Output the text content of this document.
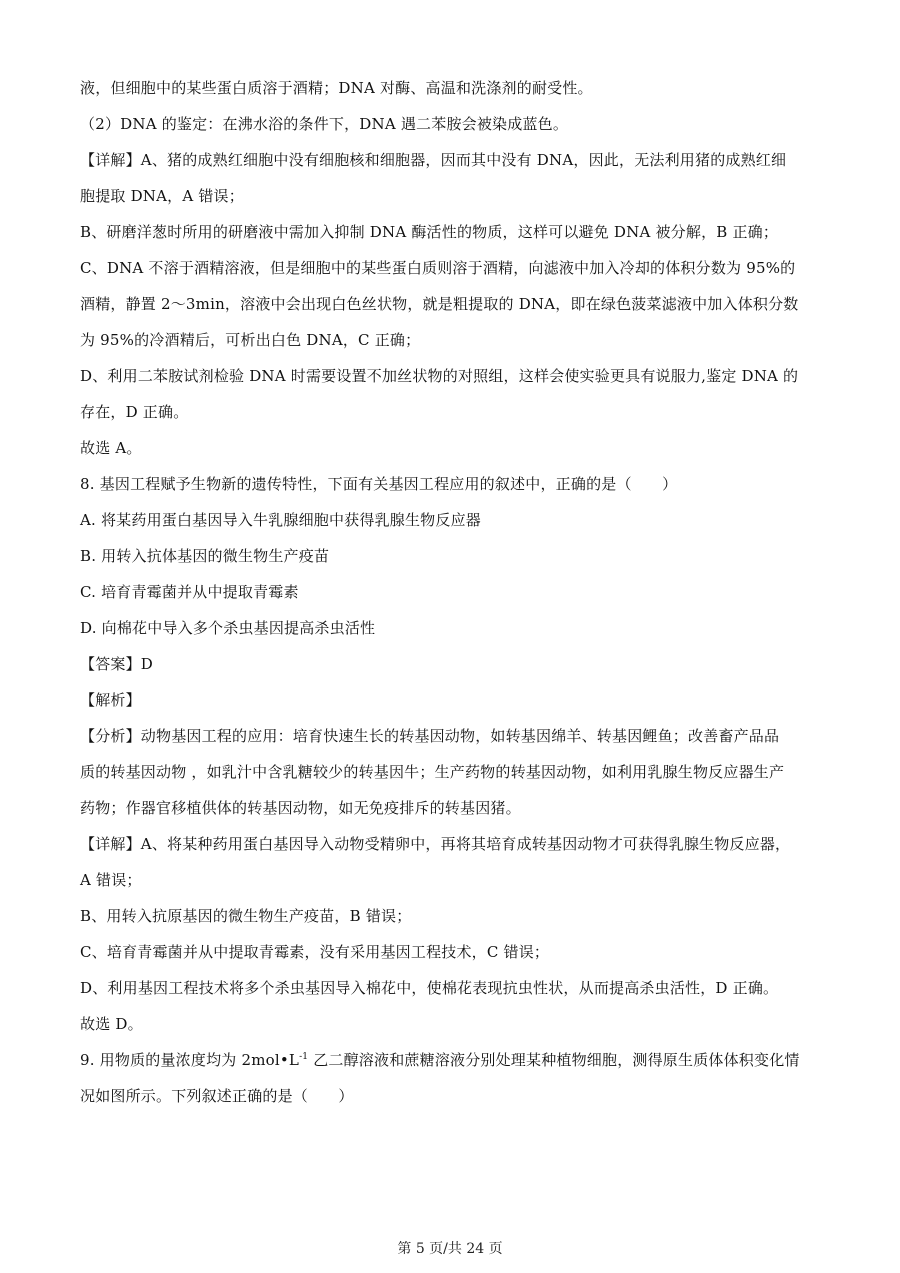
液，但细胞中的某些蛋白质溶于酒精；DNA 对酶、高温和洗涤剂的耐受性。
（2）DNA 的鉴定：在沸水浴的条件下，DNA 遇二苯胺会被染成蓝色。
【详解】A、猪的成熟红细胞中没有细胞核和细胞器，因而其中没有 DNA，因此，无法利用猪的成熟红细
胞提取 DNA，A 错误；
B、研磨洋葱时所用的研磨液中需加入抑制 DNA 酶活性的物质，这样可以避免 DNA 被分解，B 正确；
C、DNA 不溶于酒精溶液，但是细胞中的某些蛋白质则溶于酒精，向滤液中加入冷却的体积分数为 95%的
酒精，静置 2～3min，溶液中会出现白色丝状物，就是粗提取的 DNA，即在绿色菠菜滤液中加入体积分数
为 95%的冷酒精后，可析出白色 DNA，C 正确；
D、利用二苯胺试剂检验 DNA 时需要设置不加丝状物的对照组，这样会使实验更具有说服力,鉴定 DNA 的
存在，D 正确。
故选 A。
8. 基因工程赋予生物新的遗传特性，下面有关基因工程应用的叙述中，正确的是（　　）
A. 将某药用蛋白基因导入牛乳腺细胞中获得乳腺生物反应器
B. 用转入抗体基因的微生物生产疫苗
C. 培育青霉菌并从中提取青霉素
D. 向棉花中导入多个杀虫基因提高杀虫活性
【答案】D
【解析】
【分析】动物基因工程的应用：培育快速生长的转基因动物，如转基因绵羊、转基因鲤鱼；改善畜产品品
质的转基因动物 ，如乳汁中含乳糖较少的转基因牛；生产药物的转基因动物，如利用乳腺生物反应器生产
药物；作器官移植供体的转基因动物，如无免疫排斥的转基因猪。
【详解】A、将某种药用蛋白基因导入动物受精卵中，再将其培育成转基因动物才可获得乳腺生物反应器，
A 错误；
B、用转入抗原基因的微生物生产疫苗，B 错误；
C、培育青霉菌并从中提取青霉素，没有采用基因工程技术，C 错误；
D、利用基因工程技术将多个杀虫基因导入棉花中，使棉花表现抗虫性状，从而提高杀虫活性，D 正确。
故选 D。
9. 用物质的量浓度均为 $2mol•L^{-1}$ 乙二醇溶液和蔗糖溶液分别处理某种植物细胞，测得原生质体体积变化情
况如图所示。下列叙述正确的是（　　）
第 5 页/共 24 页
